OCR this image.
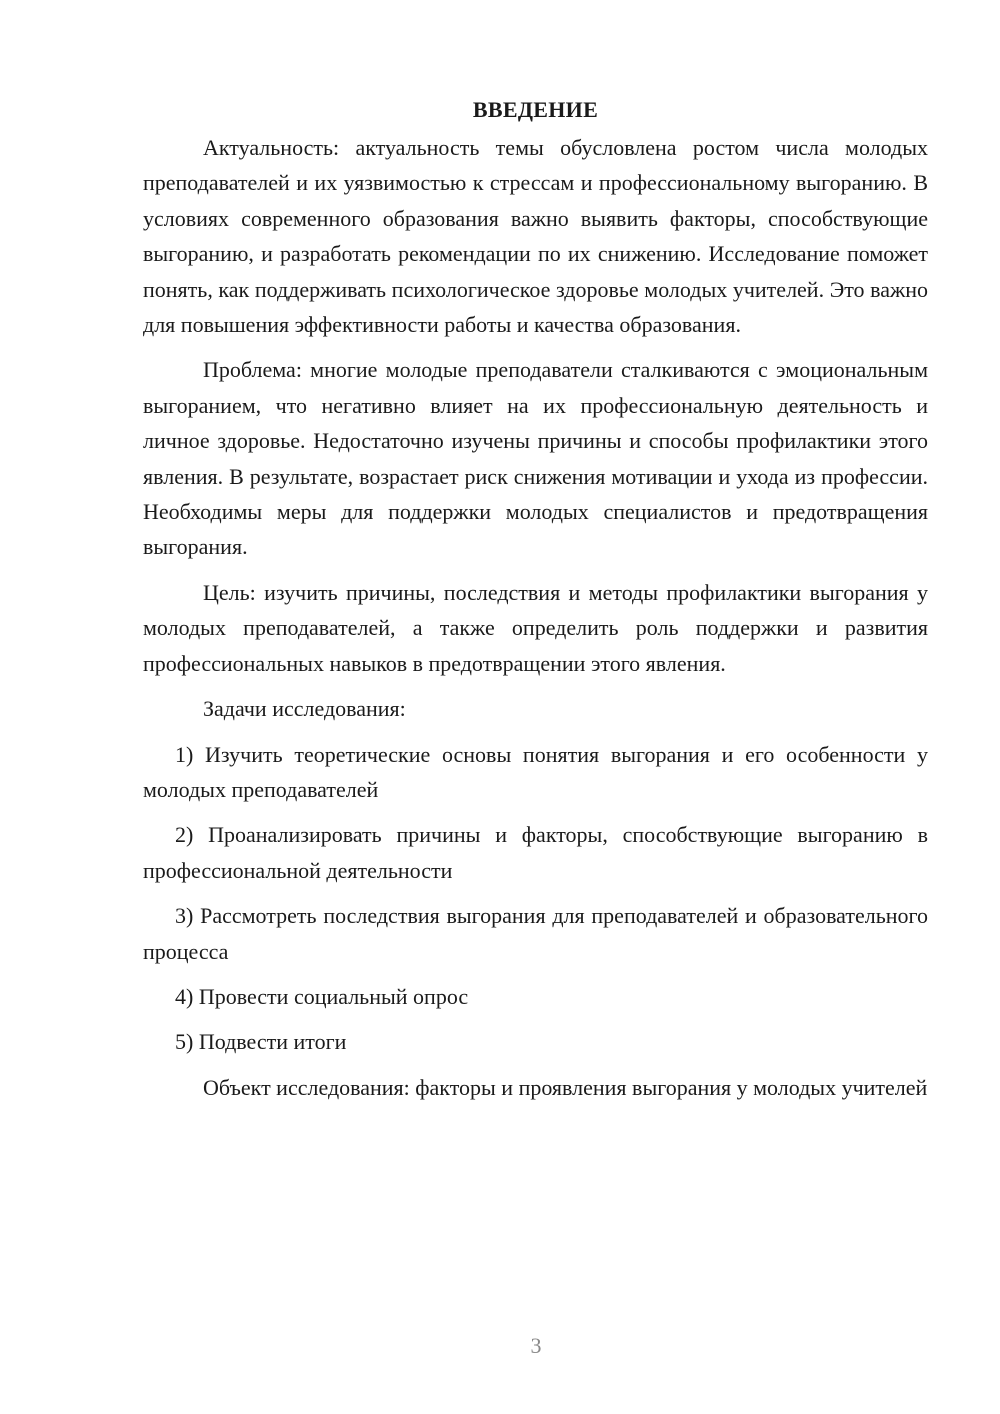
ВВЕДЕНИЕ

Актуальность: актуальность темы обусловлена ростом числа молодых преподавателей и их уязвимостью к стрессам и профессиональному выгоранию. В условиях современного образования важно выявить факторы, способствующие выгоранию, и разработать рекомендации по их снижению. Исследование поможет понять, как поддерживать психологическое здоровье молодых учителей. Это важно для повышения эффективности работы и качества образования.

Проблема: многие молодые преподаватели сталкиваются с эмоциональным выгоранием, что негативно влияет на их профессиональную деятельность и личное здоровье. Недостаточно изучены причины и способы профилактики этого явления. В результате, возрастает риск снижения мотивации и ухода из профессии. Необходимы меры для поддержки молодых специалистов и предотвращения выгорания.

Цель: изучить причины, последствия и методы профилактики выгорания у молодых преподавателей, а также определить роль поддержки и развития профессиональных навыков в предотвращении этого явления.

Задачи исследования:

1) Изучить теоретические основы понятия выгорания и его особенности у молодых преподавателей

2) Проанализировать причины и факторы, способствующие выгоранию в профессиональной деятельности

3) Рассмотреть последствия выгорания для преподавателей и образовательного процесса

4) Провести социальный опрос

5) Подвести итоги

Объект исследования: факторы и проявления выгорания у молодых учителей

3
